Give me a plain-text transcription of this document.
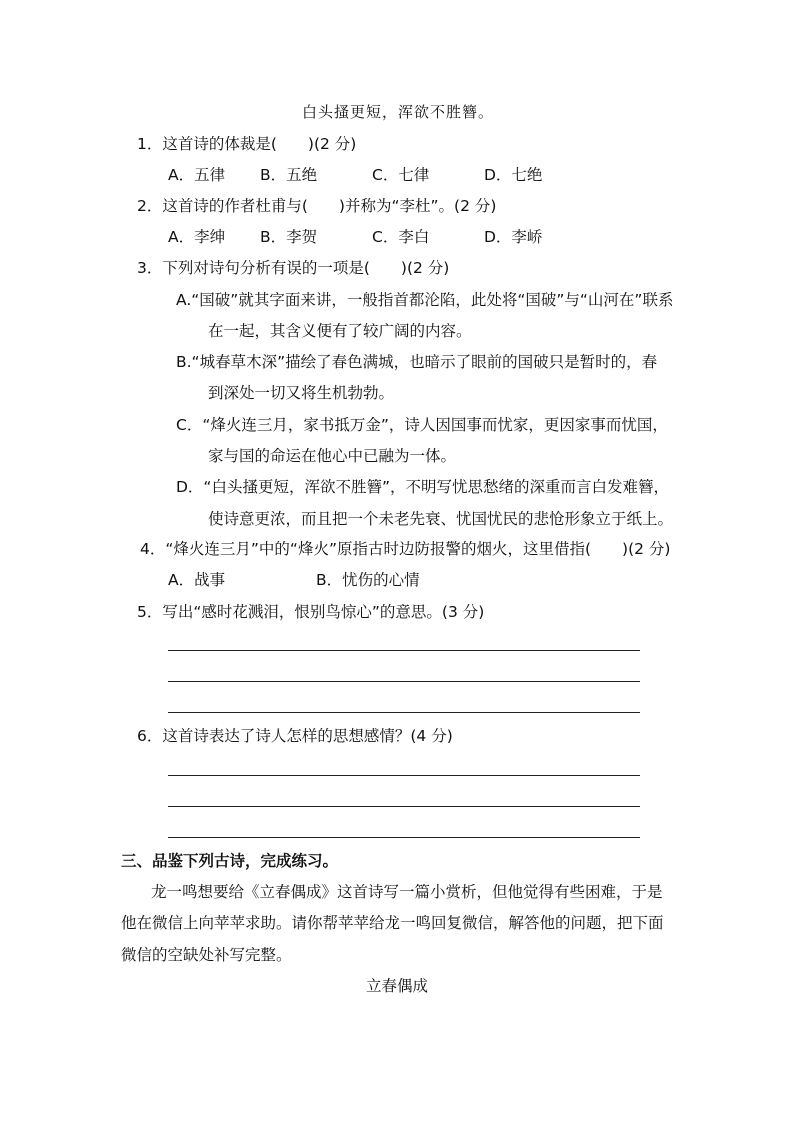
白头搔更短，浑欲不胜簪。
1．这首诗的体裁是(　　)(2 分)
A．五律 B．五绝	C．七律	D．七绝
2．这首诗的作者杜甫与(　　)并称为“李杜”。(2 分)
A．李绅 B．李贺	C．李白	D．李峤
3．下列对诗句分析有误的一项是(　　)(2 分)
A.“国破”就其字面来讲，一般指首都沦陷，此处将“国破”与“山河在”联系
在一起，其含义便有了较广阔的内容。
B.“城春草木深”描绘了春色满城，也暗示了眼前的国破只是暂时的，春
到深处一切又将生机勃勃。
C．“烽火连三月，家书抵万金”，诗人因国事而忧家，更因家事而忧国，
家与国的命运在他心中已融为一体。
D．“白头搔更短，浑欲不胜簪”，不明写忧思愁绪的深重而言白发难簪，
使诗意更浓，而且把一个未老先衰、忧国忧民的悲怆形象立于纸上。
4．“烽火连三月”中的“烽火”原指古时边防报警的烟火，这里借指(　　)(2 分)
A．战事	B．忧伤的心情
5．写出“感时花溅泪，恨别鸟惊心”的意思。(3 分)
6．这首诗表达了诗人怎样的思想感情？(4 分)
三、品鉴下列古诗，完成练习。
龙一鸣想要给《立春偶成》这首诗写一篇小赏析，但他觉得有些困难，于是
他在微信上向苹苹求助。请你帮苹苹给龙一鸣回复微信，解答他的问题，把下面
微信的空缺处补写完整。
立春偶成
